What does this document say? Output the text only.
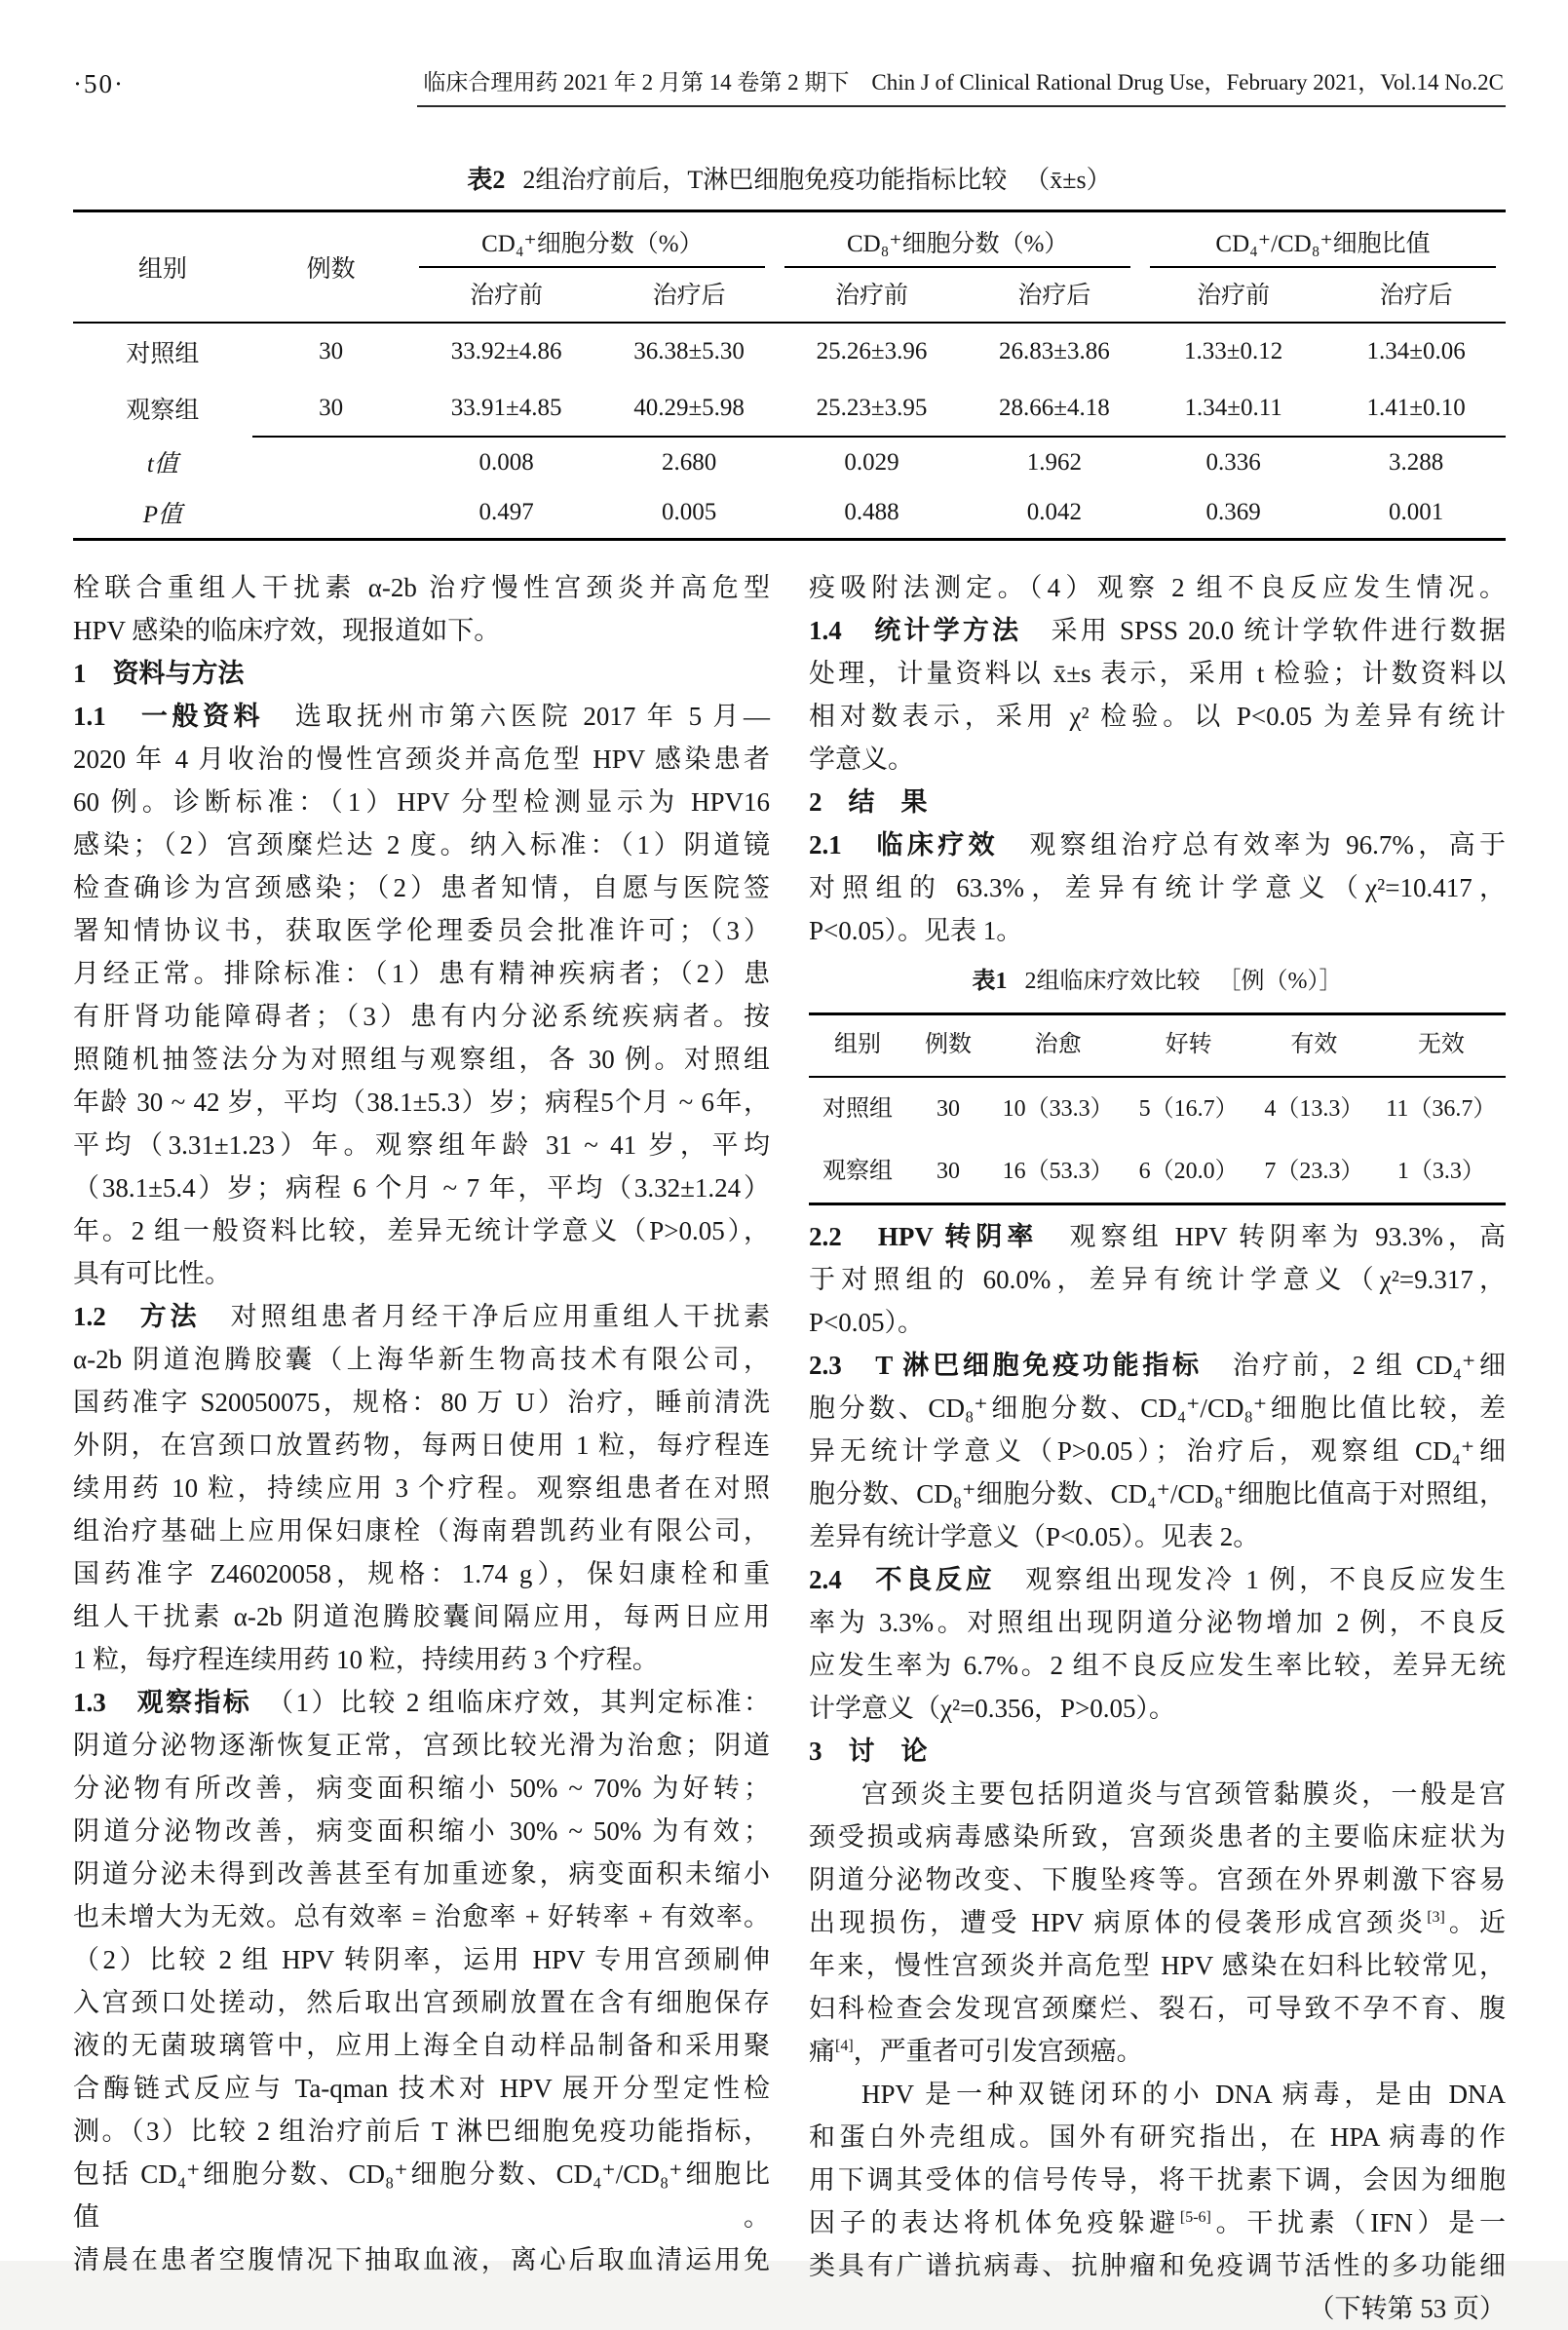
·50·	临床合理用药 2021 年 2 月第 14 卷第 2 期下　Chin J of Clinical Rational Drug Use，February 2021，Vol.14 No.2C
表2 2组治疗前后，T淋巴细胞免疫功能指标比较 （x̄±s）
组别	例数	CD₄⁺细胞分数（%）		CD₈⁺细胞分数（%）		CD₄⁺/CD₈⁺细胞比值	

		治疗前	治疗后	治疗前	治疗后	治疗前	治疗后
对照组	30	33.92±4.86	36.38±5.30	25.26±3.96	26.83±3.86	1.33±0.12	1.34±0.06
观察组	30	33.91±4.85	40.29±5.98	25.23±3.95	28.66±4.18	1.34±0.11	1.41±0.10
t值		0.008	2.680	0.029	1.962	0.336	3.288
P值		0.497	0.005	0.488	0.042	0.369	0.001
栓联合重组人干扰素 α-2b 治疗慢性宫颈炎并高危型
HPV 感染的临床疗效，现报道如下。
1　资料与方法
1.1　一般资料　选取抚州市第六医院 2017 年 5 月—
2020 年 4 月收治的慢性宫颈炎并高危型 HPV 感染患者
60 例。诊断标准：（1）HPV 分型检测显示为 HPV16
感染；（2）宫颈糜烂达 2 度。纳入标准：（1）阴道镜
检查确诊为宫颈感染；（2）患者知情，自愿与医院签
署知情协议书，获取医学伦理委员会批准许可；（3）
月经正常。排除标准：（1）患有精神疾病者；（2）患
有肝肾功能障碍者；（3）患有内分泌系统疾病者。按
照随机抽签法分为对照组与观察组，各 30 例。对照组
年龄 30 ~ 42 岁，平均（38.1±5.3）岁；病程5个月 ~ 6年，
平均（3.31±1.23）年。观察组年龄 31 ~ 41 岁，平均
（38.1±5.4）岁；病程 6 个月 ~ 7 年，平均（3.32±1.24）
年。2 组一般资料比较，差异无统计学意义（P>0.05），
具有可比性。
1.2　方法　对照组患者月经干净后应用重组人干扰素
α-2b 阴道泡腾胶囊（上海华新生物高技术有限公司，
国药准字 S20050075，规格：80 万 U）治疗，睡前清洗
外阴，在宫颈口放置药物，每两日使用 1 粒，每疗程连
续用药 10 粒，持续应用 3 个疗程。观察组患者在对照
组治疗基础上应用保妇康栓（海南碧凯药业有限公司，
国药准字 Z46020058，规格：1.74 g），保妇康栓和重
组人干扰素 α-2b 阴道泡腾胶囊间隔应用，每两日应用
1 粒，每疗程连续用药 10 粒，持续用药 3 个疗程。
1.3　观察指标　（1）比较 2 组临床疗效，其判定标准：
阴道分泌物逐渐恢复正常，宫颈比较光滑为治愈；阴道
分泌物有所改善，病变面积缩小 50% ~ 70% 为好转；
阴道分泌物改善，病变面积缩小 30% ~ 50% 为有效；
阴道分泌未得到改善甚至有加重迹象，病变面积未缩小
也未增大为无效。总有效率 = 治愈率 + 好转率 + 有效率。
（2）比较 2 组 HPV 转阴率，运用 HPV 专用宫颈刷伸
入宫颈口处搓动，然后取出宫颈刷放置在含有细胞保存
液的无菌玻璃管中，应用上海全自动样品制备和采用聚
合酶链式反应与 Ta-qman 技术对 HPV 展开分型定性检
测。（3）比较 2 组治疗前后 T 淋巴细胞免疫功能指标，
包括 CD₄⁺细胞分数、CD₈⁺细胞分数、CD₄⁺/CD₈⁺细胞比值。
清晨在患者空腹情况下抽取血液，离心后取血清运用免
疫吸附法测定。（4）观察 2 组不良反应发生情况。
1.4　统计学方法　采用 SPSS 20.0 统计学软件进行数据
处理，计量资料以 x̄±s 表示，采用 t 检验；计数资料以
相对数表示，采用 χ² 检验。以 P<0.05 为差异有统计
学意义。
2　结　果
2.1　临床疗效　观察组治疗总有效率为 96.7%，高于
对照组的 63.3%，差异有统计学意义（χ²=10.417，
P<0.05）。见表 1。
表1 2组临床疗效比较 ［例（%）］
组别	例数	治愈	好转	有效	无效
对照组	30	10（33.3）	5（16.7）	4（13.3）	11（36.7）
观察组	30	16（53.3）	6（20.0）	7（23.3）	1（3.3）
2.2　HPV 转阴率　观察组 HPV 转阴率为 93.3%，高
于对照组的 60.0%，差异有统计学意义（χ²=9.317，
P<0.05）。
2.3　T 淋巴细胞免疫功能指标　治疗前，2 组 CD₄⁺细
胞分数、CD₈⁺细胞分数、CD₄⁺/CD₈⁺细胞比值比较，差
异无统计学意义（P>0.05）；治疗后，观察组 CD₄⁺细
胞分数、CD₈⁺细胞分数、CD₄⁺/CD₈⁺细胞比值高于对照组，
差异有统计学意义（P<0.05）。见表 2。
2.4　不良反应　观察组出现发冷 1 例，不良反应发生
率为 3.3%。对照组出现阴道分泌物增加 2 例，不良反
应发生率为 6.7%。2 组不良反应发生率比较，差异无统
计学意义（χ²=0.356，P>0.05）。
3　讨　论
宫颈炎主要包括阴道炎与宫颈管黏膜炎，一般是宫
颈受损或病毒感染所致，宫颈炎患者的主要临床症状为
阴道分泌物改变、下腹坠疼等。宫颈在外界刺激下容易
出现损伤，遭受 HPV 病原体的侵袭形成宫颈炎[3]。近
年来，慢性宫颈炎并高危型 HPV 感染在妇科比较常见，
妇科检查会发现宫颈糜烂、裂石，可导致不孕不育、腹
痛[4]，严重者可引发宫颈癌。
HPV 是一种双链闭环的小 DNA 病毒，是由 DNA
和蛋白外壳组成。国外有研究指出，在 HPA 病毒的作
用下调其受体的信号传导，将干扰素下调，会因为细胞
因子的表达将机体免疫躲避[5-6]。干扰素（IFN）是一
类具有广谱抗病毒、抗肿瘤和免疫调节活性的多功能细
（下转第 53 页）
